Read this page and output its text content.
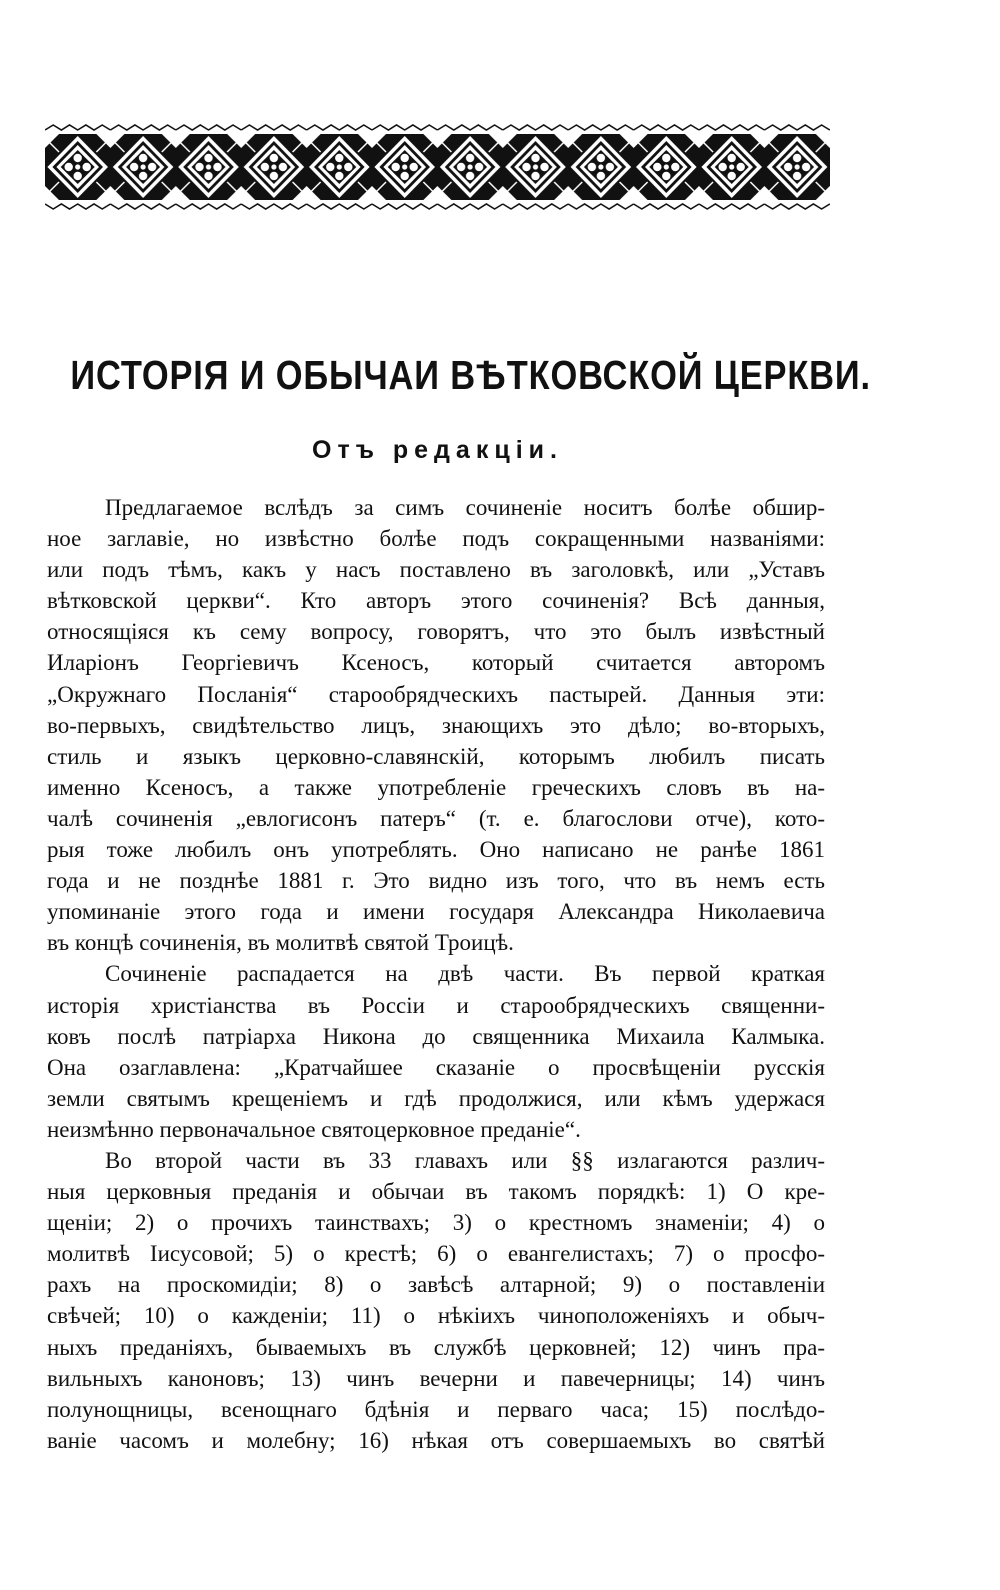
ИСТОРІЯ И ОБЫЧАИ ВѢТКОВСКОЙ ЦЕРКВИ.
Отъ редакціи.
Предлагаемое вслѣдъ за симъ сочиненіе носитъ болѣе обшир-
ное заглавіе, но извѣстно болѣе подъ сокращенными названіями:
или подъ тѣмъ, какъ у насъ поставлено въ заголовкѣ, или „Уставъ
вѣтковской церкви“. Кто авторъ этого сочиненія? Всѣ данныя,
относящіяся къ сему вопросу, говорятъ, что это былъ извѣстный
Иларіонъ Георгіевичъ Ксеносъ, который считается авторомъ
„Окружнаго Посланія“ старообрядческихъ пастырей. Данныя эти:
во-первыхъ, свидѣтельство лицъ, знающихъ это дѣло; во-вторыхъ,
стиль и языкъ церковно-славянскій, которымъ любилъ писать
именно Ксеносъ, а также употребленіе греческихъ словъ въ на-
чалѣ сочиненія „евлогисонъ патеръ“ (т. е. благослови отче), кото-
рыя тоже любилъ онъ употреблять. Оно написано не ранѣе 1861
года и не позднѣе 1881 г. Это видно изъ того, что въ немъ есть
упоминаніе этого года и имени государя Александра Николаевича
въ концѣ сочиненія, въ молитвѣ святой Троицѣ.
Сочиненіе распадается на двѣ части. Въ первой краткая
исторія христіанства въ Россіи и старообрядческихъ священни-
ковъ послѣ патріарха Никона до священника Михаила Калмыка.
Она озаглавлена: „Кратчайшее сказаніе о просвѣщеніи русскія
земли святымъ крещеніемъ и гдѣ продолжися, или кѣмъ удержася
неизмѣнно первоначальное святоцерковное преданіе“.
Во второй части въ 33 главахъ или §§ излагаются различ-
ныя церковныя преданія и обычаи въ такомъ порядкѣ: 1) О кре-
щеніи; 2) о прочихъ таинствахъ; 3) о крестномъ знаменіи; 4) о
молитвѣ Іисусовой; 5) о крестѣ; 6) о евангелистахъ; 7) о просфо-
рахъ на проскомидіи; 8) о завѣсѣ алтарной; 9) о поставленіи
свѣчей; 10) о кажденіи; 11) о нѣкіихъ чиноположеніяхъ и обыч-
ныхъ преданіяхъ, бываемыхъ въ службѣ церковней; 12) чинъ пра-
вильныхъ каноновъ; 13) чинъ вечерни и павечерницы; 14) чинъ
полунощницы, всенощнаго бдѣнія и перваго часа; 15) послѣдо-
ваніе часомъ и молебну; 16) нѣкая отъ совершаемыхъ во святѣй
